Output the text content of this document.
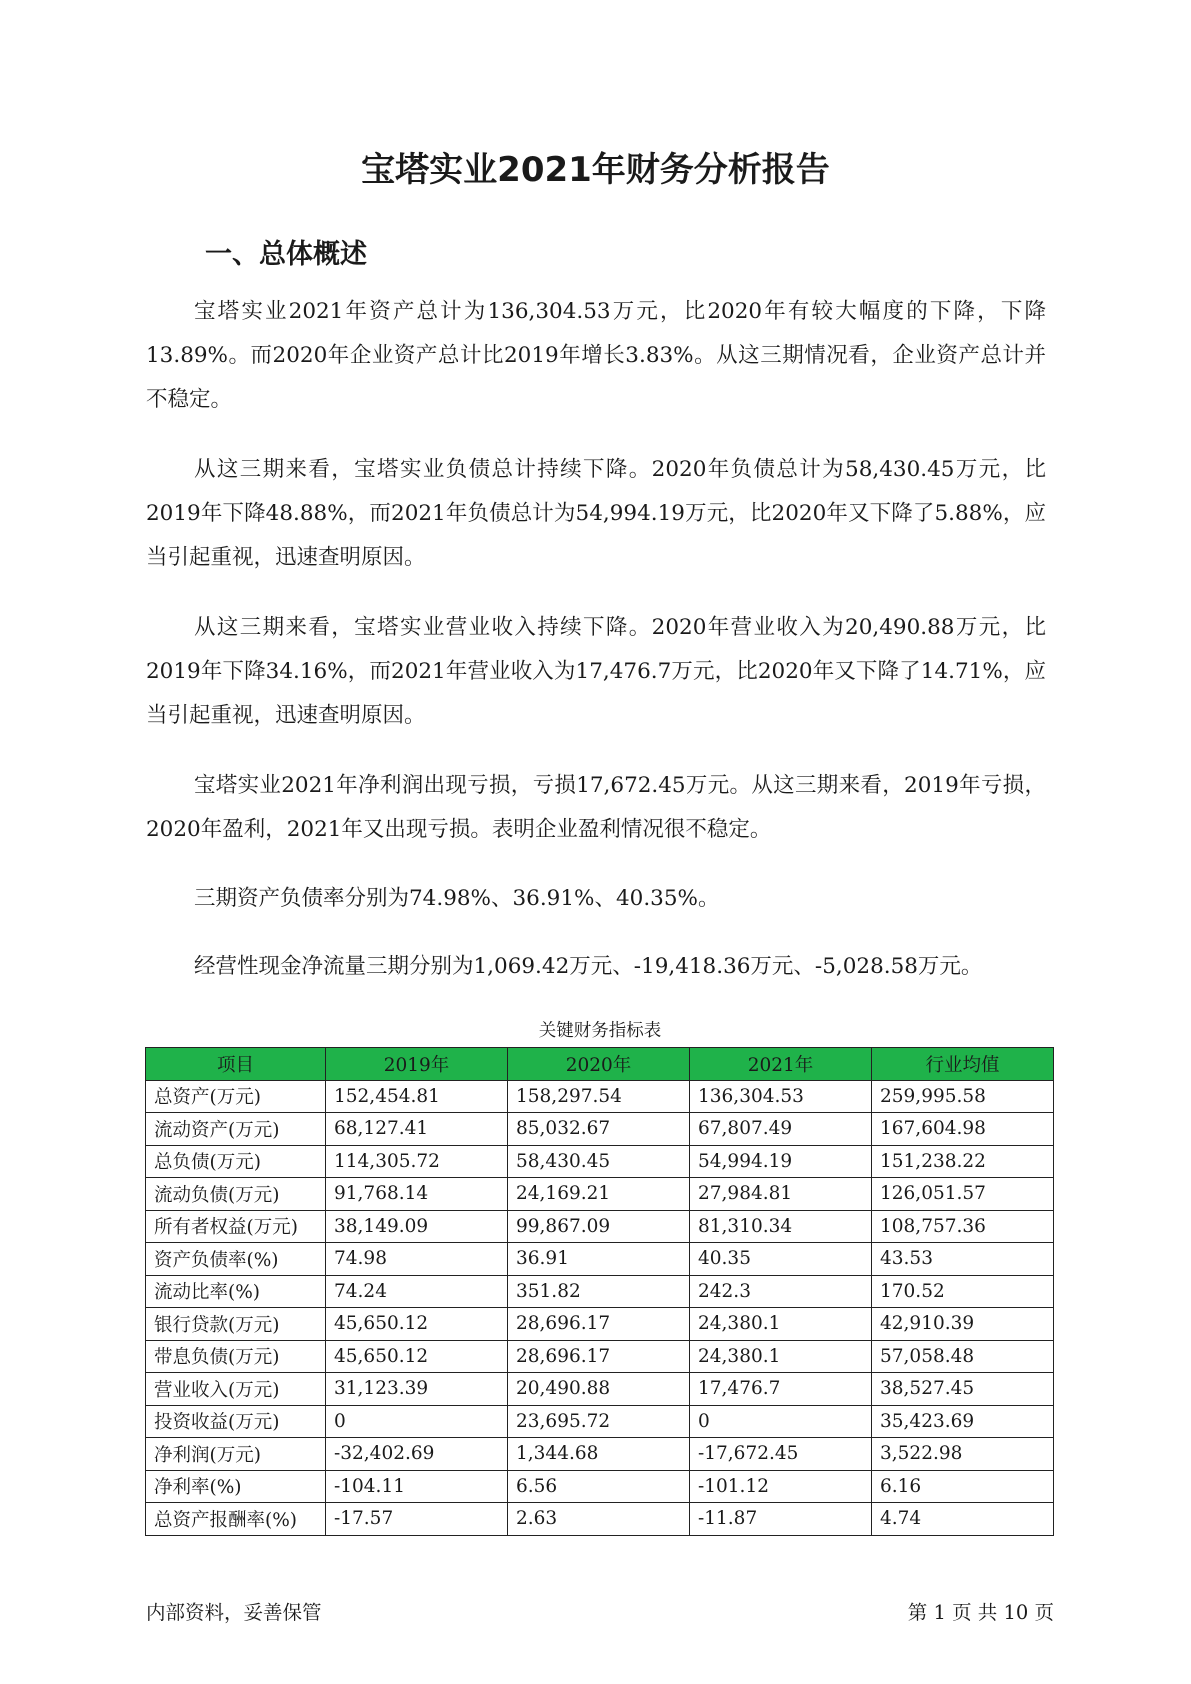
宝塔实业2021年财务分析报告
一、总体概述

宝塔实业2021年资产总计为136,304.53万元，比2020年有较大幅度的下降，下降13.89%。而2020年企业资产总计比2019年增长3.83%。从这三期情况看，企业资产总计并不稳定。

从这三期来看，宝塔实业负债总计持续下降。2020年负债总计为58,430.45万元，比2019年下降48.88%，而2021年负债总计为54,994.19万元，比2020年又下降了5.88%，应当引起重视，迅速查明原因。

从这三期来看，宝塔实业营业收入持续下降。2020年营业收入为20,490.88万元，比2019年下降34.16%，而2021年营业收入为17,476.7万元，比2020年又下降了14.71%，应当引起重视，迅速查明原因。

宝塔实业2021年净利润出现亏损，亏损17,672.45万元。从这三期来看，2019年亏损，2020年盈利，2021年又出现亏损。表明企业盈利情况很不稳定。

三期资产负债率分别为74.98%、36.91%、40.35%。

经营性现金净流量三期分别为1,069.42万元、-19,418.36万元、-5,028.58万元。

关键财务指标表
项目	2019年	2020年	2021年	行业均值
总资产(万元)	152,454.81	158,297.54	136,304.53	259,995.58
流动资产(万元)	68,127.41	85,032.67	67,807.49	167,604.98
总负债(万元)	114,305.72	58,430.45	54,994.19	151,238.22
流动负债(万元)	91,768.14	24,169.21	27,984.81	126,051.57
所有者权益(万元)	38,149.09	99,867.09	81,310.34	108,757.36
资产负债率(%)	74.98	36.91	40.35	43.53
流动比率(%)	74.24	351.82	242.3	170.52
银行贷款(万元)	45,650.12	28,696.17	24,380.1	42,910.39
带息负债(万元)	45,650.12	28,696.17	24,380.1	57,058.48
营业收入(万元)	31,123.39	20,490.88	17,476.7	38,527.45
投资收益(万元)	0	23,695.72	0	35,423.69
净利润(万元)	-32,402.69	1,344.68	-17,672.45	3,522.98
净利率(%)	-104.11	6.56	-101.12	6.16
总资产报酬率(%)	-17.57	2.63	-11.87	4.74
内部资料，妥善保管	第 1 页 共 10 页
